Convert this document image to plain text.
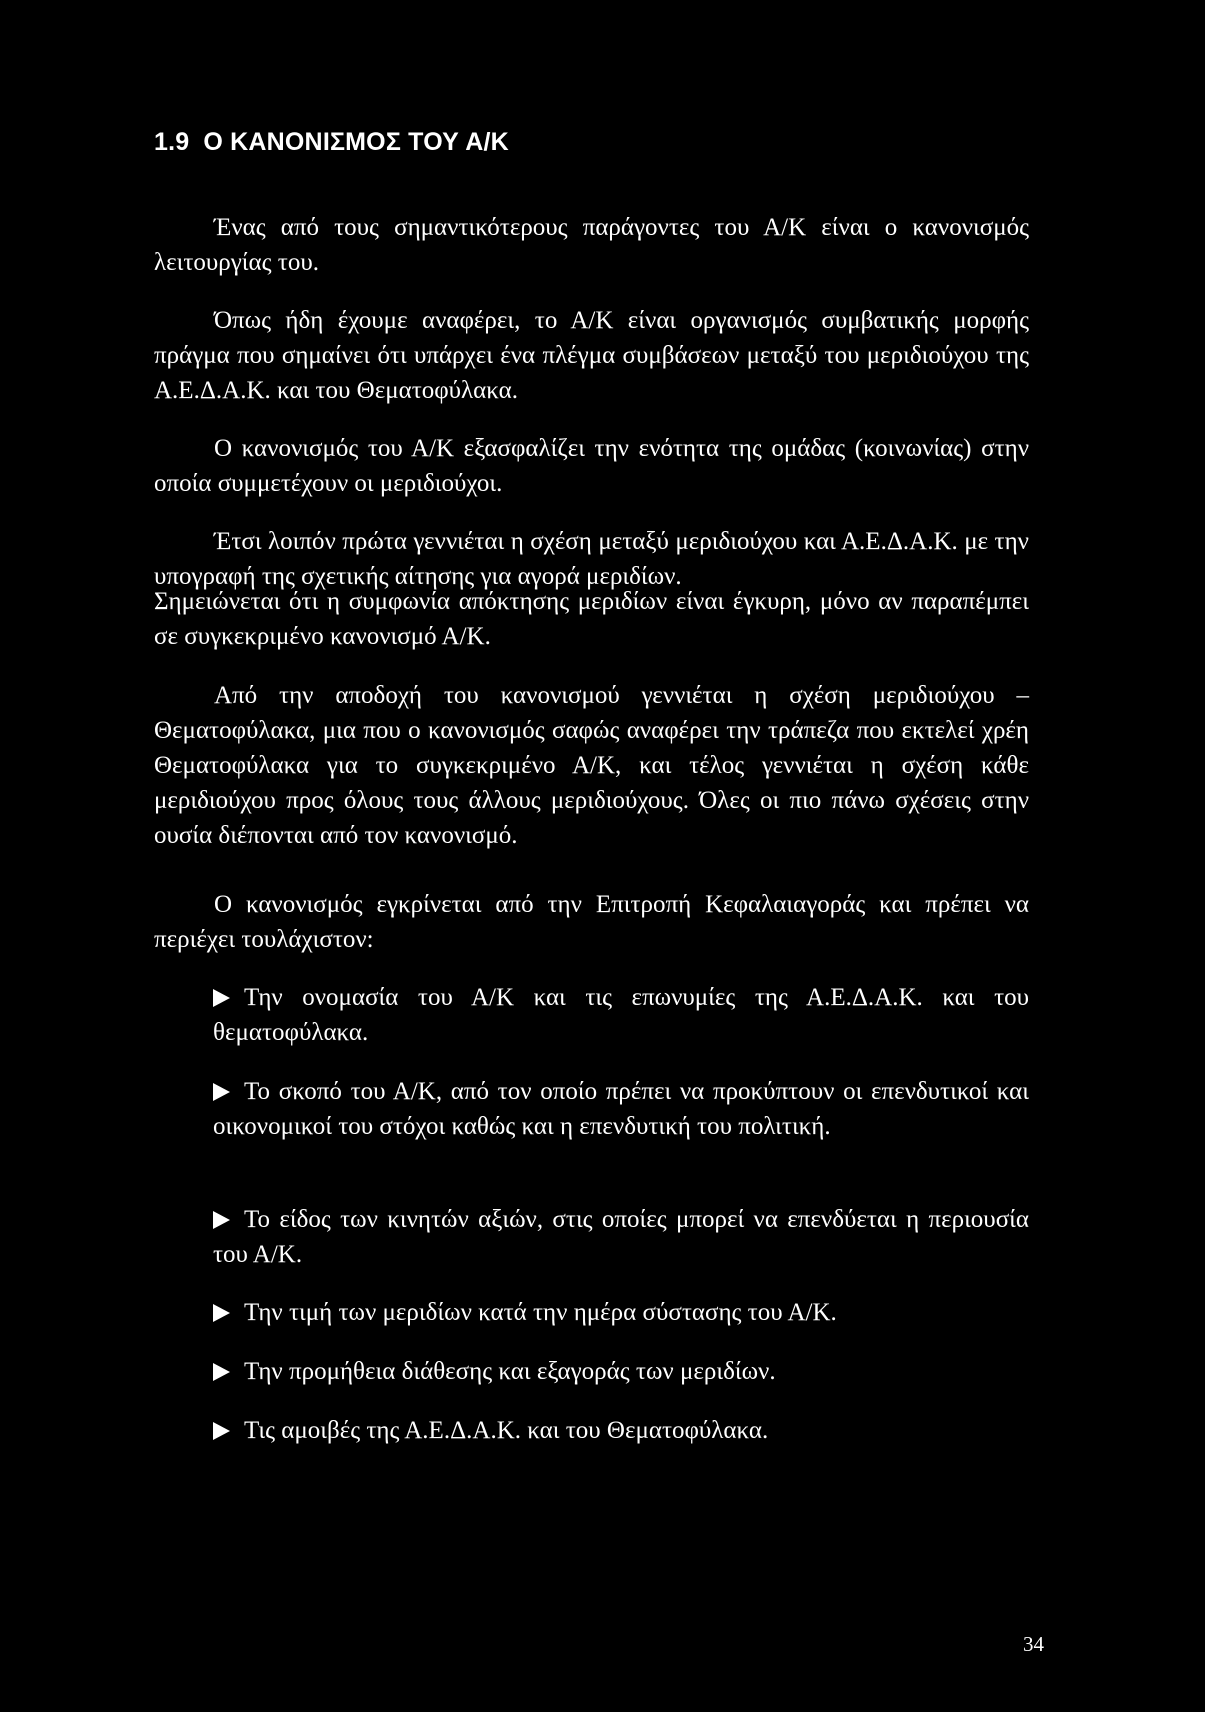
1.9 Ο ΚΑΝΟΝΙΣΜΟΣ ΤΟΥ Α/Κ

Ένας από τους σημαντικότερους παράγοντες του Α/Κ είναι ο κανονισμός λειτουργίας του.

Όπως ήδη έχουμε αναφέρει, το Α/Κ είναι οργανισμός συμβατικής μορφής πράγμα που σημαίνει ότι υπάρχει ένα πλέγμα συμβάσεων μεταξύ του μεριδιούχου της Α.Ε.Δ.Α.Κ. και του Θεματοφύλακα.

Ο κανονισμός του Α/Κ εξασφαλίζει την ενότητα της ομάδας (κοινωνίας) στην οποία συμμετέχουν οι μεριδιούχοι.

Έτσι λοιπόν πρώτα γεννιέται η σχέση μεταξύ μεριδιούχου και Α.Ε.Δ.Α.Κ. με την υπογραφή της σχετικής αίτησης για αγορά μεριδίων.

Σημειώνεται ότι η συμφωνία απόκτησης μεριδίων είναι έγκυρη, μόνο αν παραπέμπει σε συγκεκριμένο κανονισμό Α/Κ.

Από την αποδοχή του κανονισμού γεννιέται η σχέση μεριδιούχου – Θεματοφύλακα, μια που ο κανονισμός σαφώς αναφέρει την τράπεζα που εκτελεί χρέη Θεματοφύλακα για το συγκεκριμένο Α/Κ, και τέλος γεννιέται η σχέση κάθε μεριδιούχου προς όλους τους άλλους μεριδιούχους. Όλες οι πιο πάνω σχέσεις στην ουσία διέπονται από τον κανονισμό.

Ο κανονισμός εγκρίνεται από την Επιτροπή Κεφαλαιαγοράς και πρέπει να περιέχει τουλάχιστον:

Την ονομασία του Α/Κ και τις επωνυμίες της Α.Ε.Δ.Α.Κ. και του θεματοφύλακα.

Το σκοπό του Α/Κ, από τον οποίο πρέπει να προκύπτουν οι επενδυτικοί και οικονομικοί του στόχοι καθώς και η επενδυτική του πολιτική.

Το είδος των κινητών αξιών, στις οποίες μπορεί να επενδύεται η περιουσία του Α/Κ.

Την τιμή των μεριδίων κατά την ημέρα σύστασης του Α/Κ.

Την προμήθεια διάθεσης και εξαγοράς των μεριδίων.

Τις αμοιβές της Α.Ε.Δ.Α.Κ. και του Θεματοφύλακα.

34
